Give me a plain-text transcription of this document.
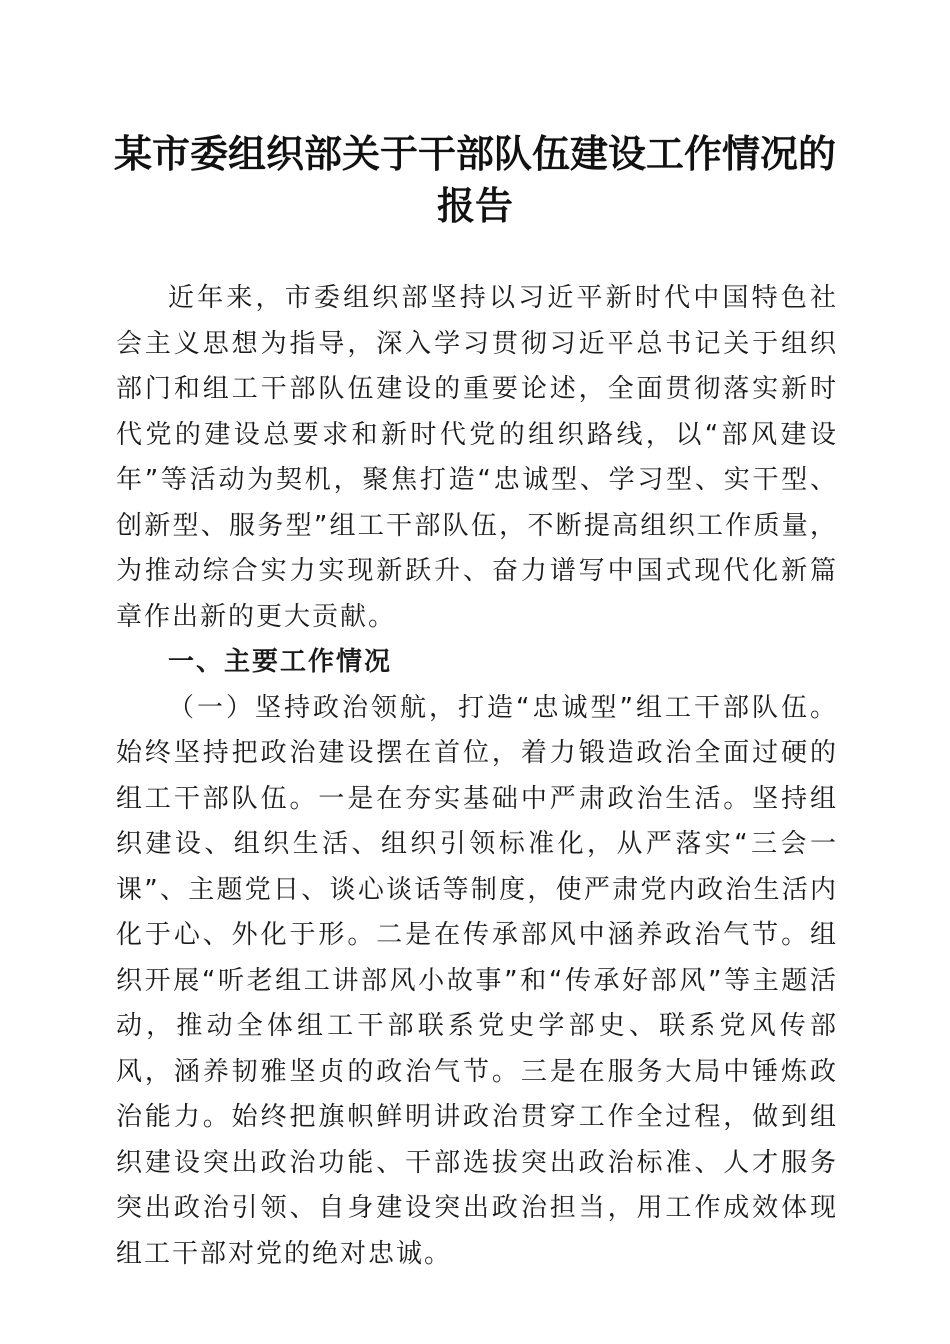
某市委组织部关于干部队伍建设工作情况的报告

近年来，市委组织部坚持以习近平新时代中国特色社会主义思想为指导，深入学习贯彻习近平总书记关于组织部门和组工干部队伍建设的重要论述，全面贯彻落实新时代党的建设总要求和新时代党的组织路线，以“部风建设年”等活动为契机，聚焦打造“忠诚型、学习型、实干型、创新型、服务型”组工干部队伍，不断提高组织工作质量，为推动综合实力实现新跃升、奋力谱写中国式现代化新篇章作出新的更大贡献。

一、主要工作情况

（一）坚持政治领航，打造“忠诚型”组工干部队伍。始终坚持把政治建设摆在首位，着力锻造政治全面过硬的组工干部队伍。一是在夯实基础中严肃政治生活。坚持组织建设、组织生活、组织引领标准化，从严落实“三会一课”、主题党日、谈心谈话等制度，使严肃党内政治生活内化于心、外化于形。二是在传承部风中涵养政治气节。组织开展“听老组工讲部风小故事”和“传承好部风”等主题活动，推动全体组工干部联系党史学部史、联系党风传部风，涵养韧雅坚贞的政治气节。三是在服务大局中锤炼政治能力。始终把旗帜鲜明讲政治贯穿工作全过程，做到组织建设突出政治功能、干部选拔突出政治标准、人才服务突出政治引领、自身建设突出政治担当，用工作成效体现组工干部对党的绝对忠诚。
